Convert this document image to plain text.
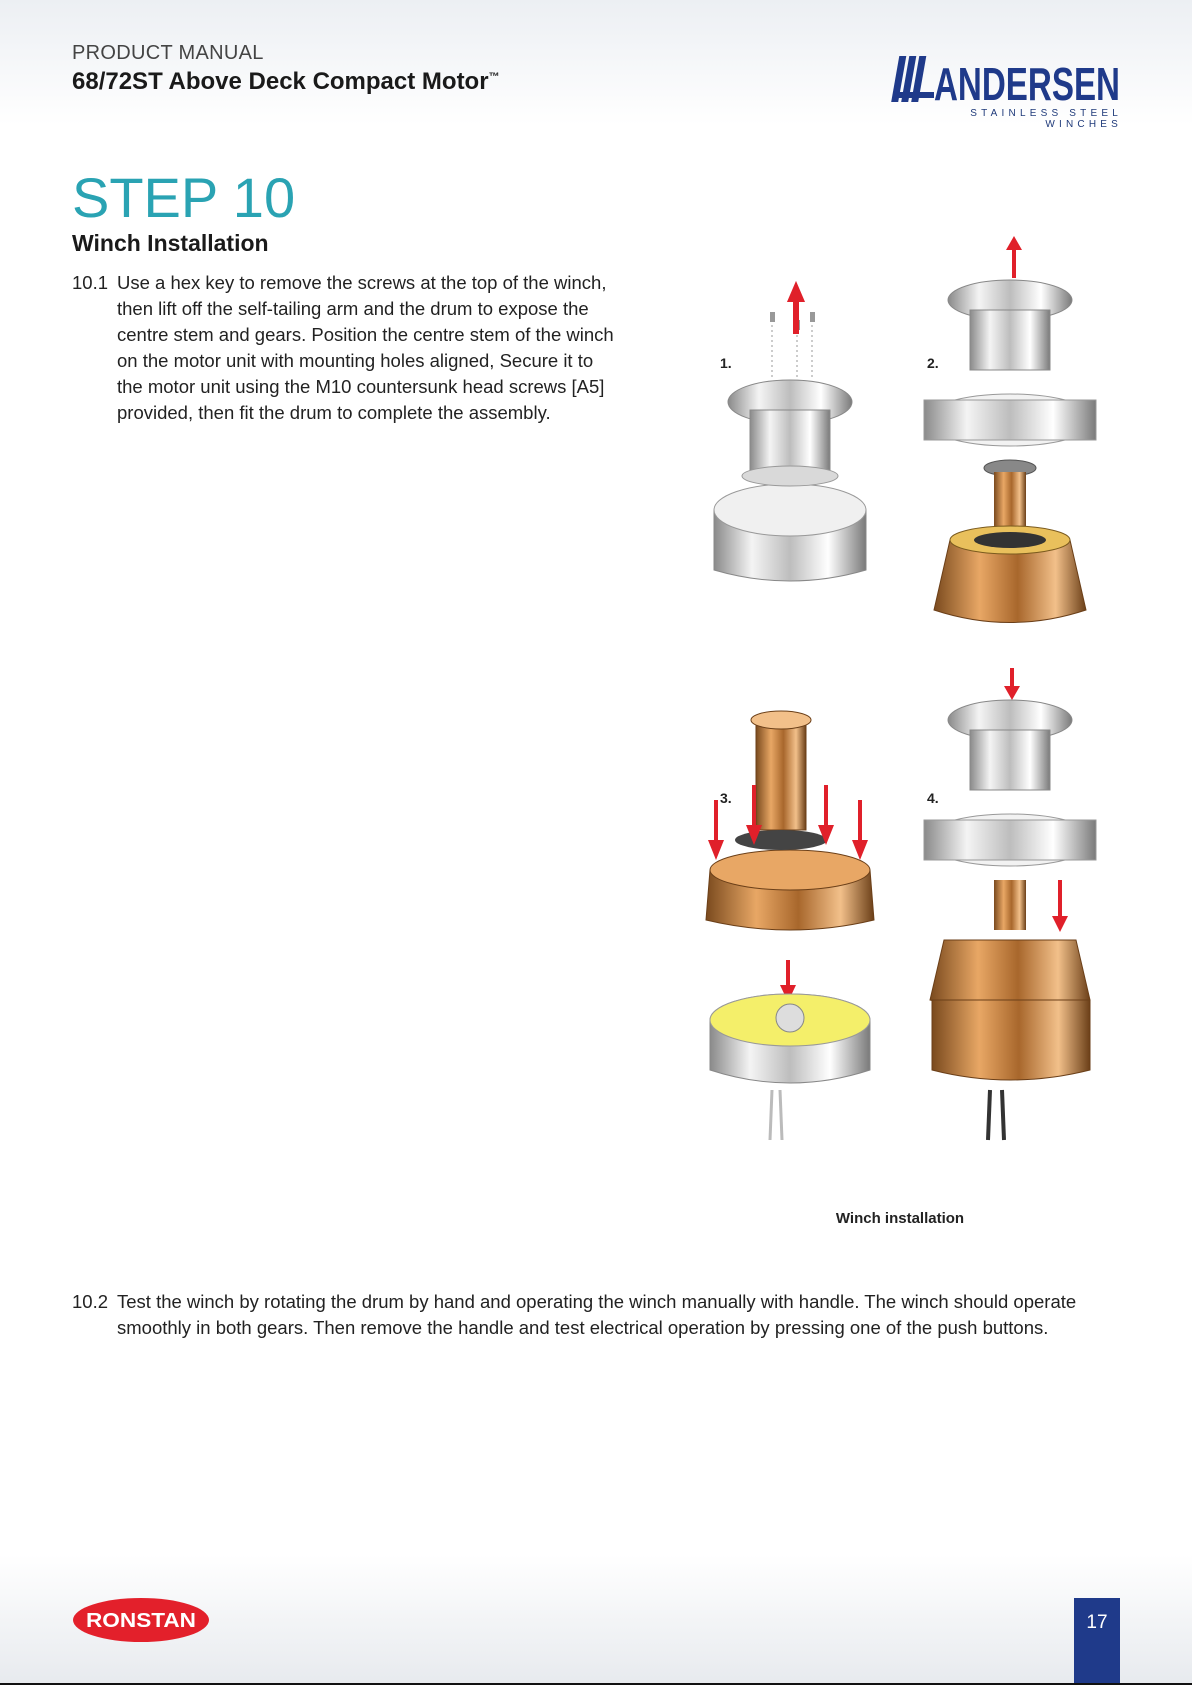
PRODUCT MANUAL
68/72ST Above Deck Compact Motor™	ANDERSEN
STAINLESS STEEL WINCHES
STEP 10
Winch Installation
10.1 Use a hex key to remove the screws at the top of the winch,
then lift off the self-tailing arm and the drum to expose the
centre stem and gears. Position the centre stem of the winch
on the motor unit with mounting holes aligned, Secure it to
the motor unit using the M10 countersunk head screws [A5]
provided, then fit the drum to complete the assembly.
1.	2.
3.	4.
Winch installation
10.2 Test the winch by rotating the drum by hand and operating the winch manually with handle. The winch should operate
smoothly in both gears. Then remove the handle and test electrical operation by pressing one of the push buttons.
RONSTAN	17
